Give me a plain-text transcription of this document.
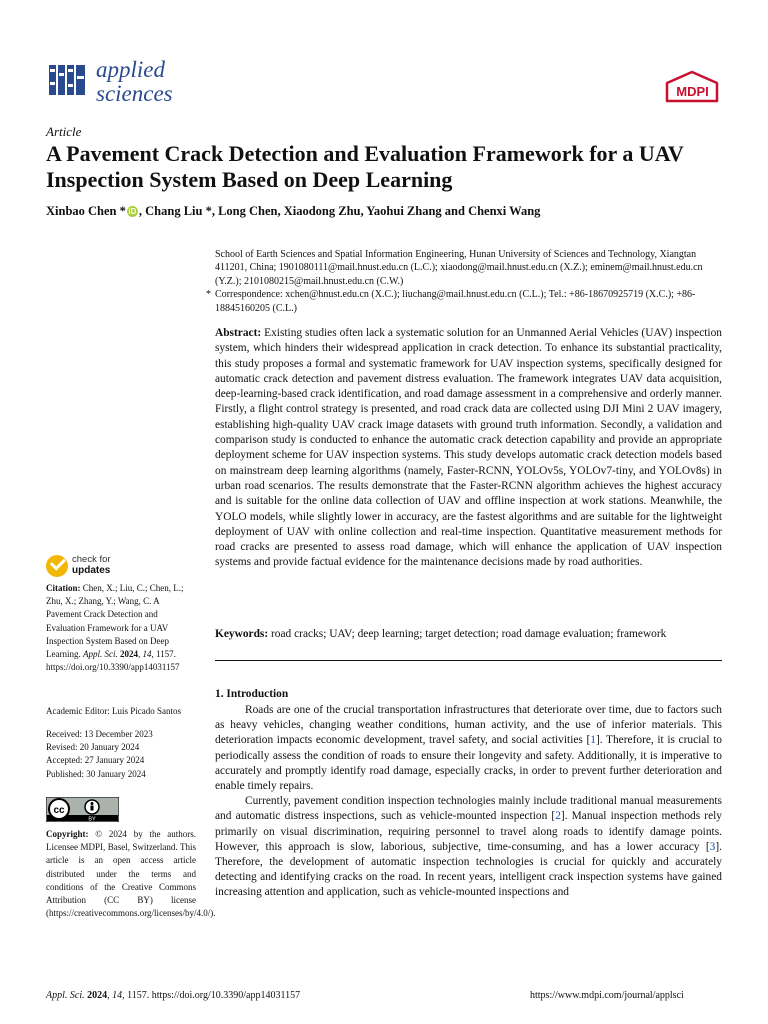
applied
sciences	MDPI
Article
A Pavement Crack Detection and Evaluation Framework for a UAV Inspection System Based on Deep Learning
Xinbao Chen * iD , Chang Liu *, Long Chen, Xiaodong Zhu, Yaohui Zhang and Chenxi Wang

School of Earth Sciences and Spatial Information Engineering, Hunan University of Sciences and Technology, Xiangtan 411201, China; 1901080111@mail.hnust.edu.cn (L.C.); xiaodong@mail.hnust.edu.cn (X.Z.); eminem@mail.hnust.edu.cn (Y.Z.); 2101080215@mail.hnust.edu.cn (C.W.)

* Correspondence: xchen@hnust.edu.cn (X.C.); liuchang@mail.hnust.edu.cn (C.L.); Tel.: +86-18670925719 (X.C.); +86-18845160205 (C.L.)

Abstract: Existing studies often lack a systematic solution for an Unmanned Aerial Vehicles (UAV) inspection system, which hinders their widespread application in crack detection. To enhance its substantial practicality, this study proposes a formal and systematic framework for UAV inspection systems, specifically designed for automatic crack detection and pavement distress evaluation. The framework integrates UAV data acquisition, deep-learning-based crack identification, and road damage assessment in a comprehensive and orderly manner. Firstly, a flight control strategy is presented, and road crack data are collected using DJI Mini 2 UAV imagery, establishing high-quality UAV crack image datasets with ground truth information. Secondly, a validation and comparison study is conducted to enhance the automatic crack detection capability and provide an appropriate deployment scheme for UAV inspection systems. This study develops automatic crack detection models based on mainstream deep learning algorithms (namely, Faster-RCNN, YOLOv5s, YOLOv7-tiny, and YOLOv8s) in urban road scenarios. The results demonstrate that the Faster-RCNN algorithm achieves the highest accuracy and is suitable for the online data collection of UAV and offline inspection at work stations. Meanwhile, the YOLO models, while slightly lower in accuracy, are the fastest algorithms and are suitable for the lightweight deployment of UAV with online collection and real-time inspection. Quantitative measurement methods for road cracks are presented to assess road damage, which will enhance the application of UAV inspection systems and provide factual evidence for the maintenance decisions made by road authorities.
Keywords: road cracks; UAV; deep learning; target detection; road damage evaluation; framework
1. Introduction

Roads are one of the crucial transportation infrastructures that deteriorate over time, due to factors such as heavy vehicles, changing weather conditions, human activity, and the use of inferior materials. This deterioration impacts economic development, travel safety, and social activities [1]. Therefore, it is crucial to periodically assess the condition of roads to ensure their longevity and safety. Additionally, it is imperative to accurately and promptly identify road damage, especially cracks, in order to prevent further deterioration and enable timely repairs.

Currently, pavement condition inspection technologies mainly include traditional manual measurements and automatic distress inspections, such as vehicle-mounted inspection [2]. Manual inspection methods rely primarily on visual discrimination, requiring personnel to travel along roads to identify damage points. However, this approach is slow, laborious, subjective, time-consuming, and has a lower accuracy [3]. Therefore, the development of automatic inspection technologies is crucial for quickly and accurately detecting and identifying cracks on the road. In recent years, intelligent crack inspection systems have gained increasing attention and application, such as vehicle-mounted inspections and

check for
updates

Citation: Chen, X.; Liu, C.; Chen, L.; Zhu, X.; Zhang, Y.; Wang, C. A Pavement Crack Detection and Evaluation Framework for a UAV Inspection System Based on Deep Learning. Appl. Sci. 2024, 14, 1157. https://doi.org/10.3390/app14031157

Academic Editor: Luis Picado Santos

Received: 13 December 2023

Revised: 20 January 2024

Accepted: 27 January 2024

Published: 30 January 2024

cc
BY

Copyright: © 2024 by the authors. Licensee MDPI, Basel, Switzerland. This article is an open access article distributed under the terms and conditions of the Creative Commons Attribution (CC BY) license (https://creativecommons.org/licenses/by/4.0/).

Appl. Sci. 2024, 14, 1157. https://doi.org/10.3390/app14031157	https://www.mdpi.com/journal/applsci
